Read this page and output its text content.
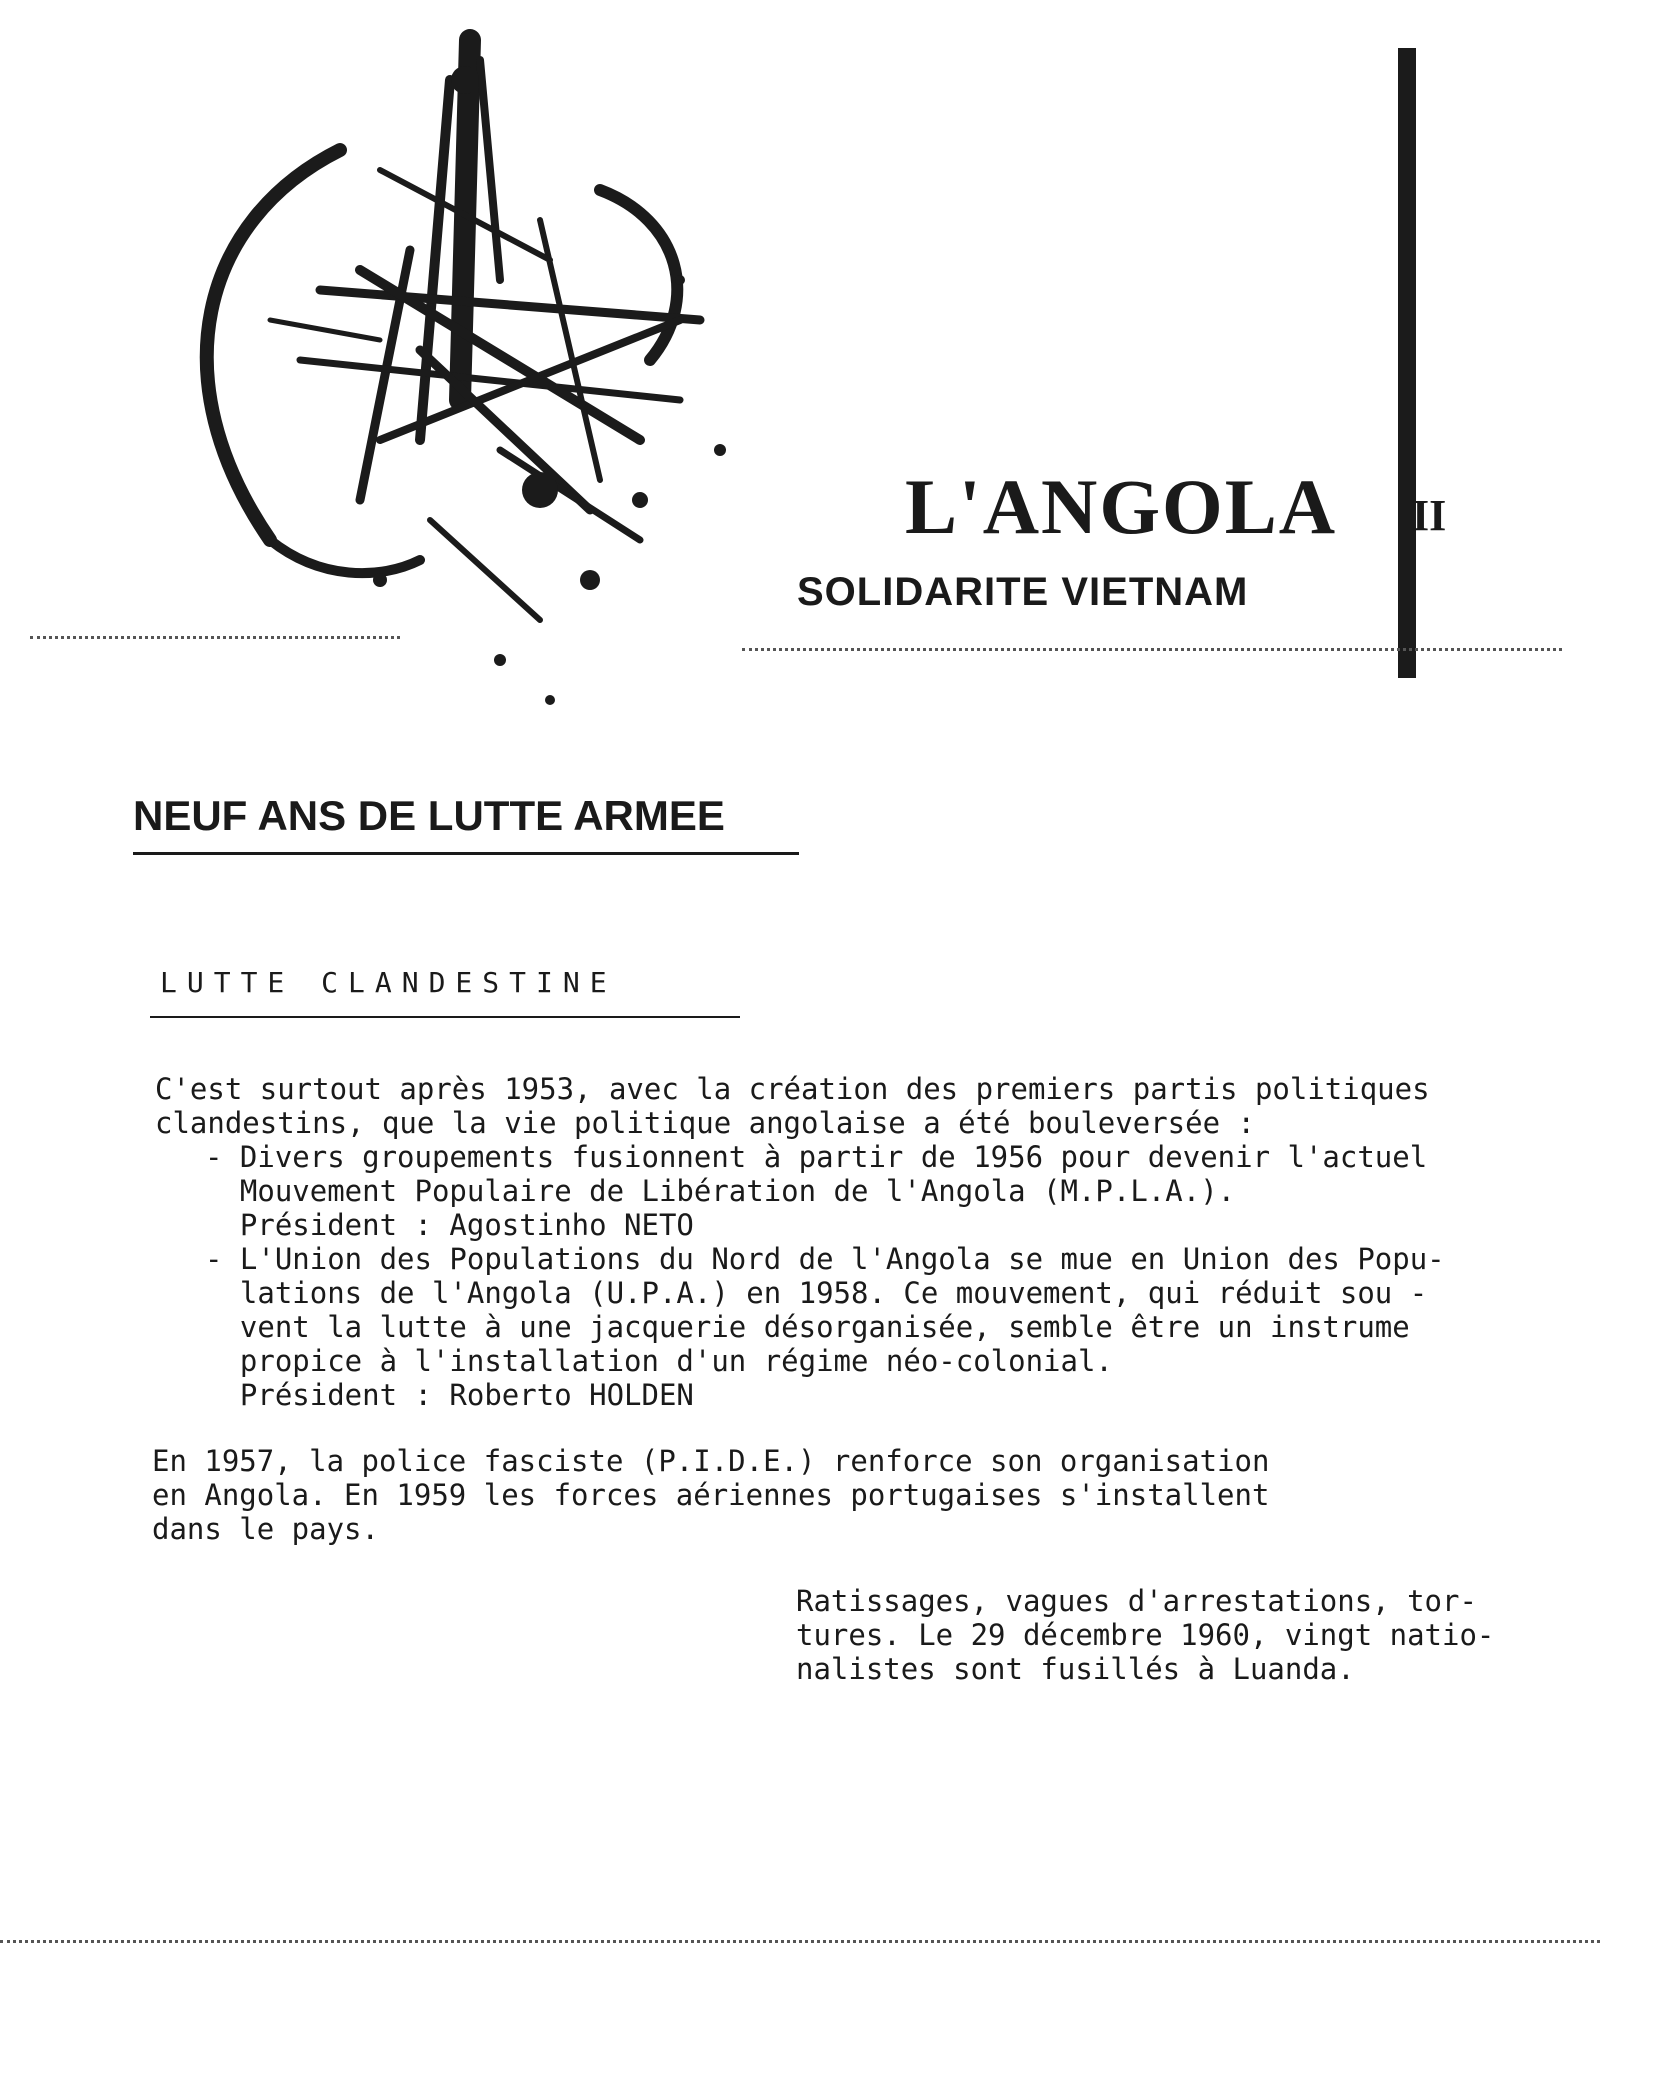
L'ANGOLA II
SOLIDARITE VIETNAM
NEUF ANS DE LUTTE ARMEE
LUTTE CLANDESTINE
C'est surtout après 1953, avec la création des premiers partis politiques
clandestins, que la vie politique angolaise a été bouleversée :
- Divers groupements fusionnent à partir de 1956 pour devenir l'actuel
Mouvement Populaire de Libération de l'Angola (M.P.L.A.).
Président : Agostinho NETO
- L'Union des Populations du Nord de l'Angola se mue en Union des Popu-
lations de l'Angola (U.P.A.) en 1958. Ce mouvement, qui réduit sou -
vent la lutte à une jacquerie désorganisée, semble être un instrume
propice à l'installation d'un régime néo-colonial.
Président : Roberto HOLDEN
En 1957, la police fasciste (P.I.D.E.) renforce son organisation
en Angola. En 1959 les forces aériennes portugaises s'installent
dans le pays.
Ratissages, vagues d'arrestations, tor-
tures. Le 29 décembre 1960, vingt natio-
nalistes sont fusillés à Luanda.
